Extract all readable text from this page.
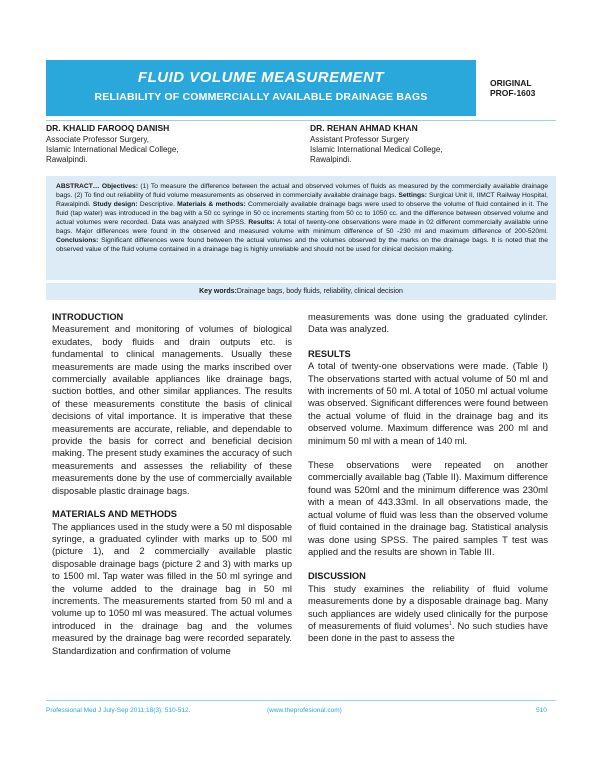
FLUID VOLUME MEASUREMENT
RELIABILITY OF COMMERCIALLY AVAILABLE DRAINAGE BAGS
ORIGINAL
PROF-1603
DR. KHALID FAROOQ DANISH
Associate Professor Surgery,
Islamic International Medical College,
Rawalpindi.
DR. REHAN AHMAD KHAN
Assistant Professor Surgery
Islamic International Medical College,
Rawalpindi.
ABSTRACT… Objectives: (1) To measure the difference between the actual and observed volumes of fluids as measured by the commercially available drainage bags. (2) To find out reliability of fluid volume measurements as observed in commercially available drainage bags. Settings: Surgical Unit II, IIMCT Railway Hospital, Rawalpindi. Study design: Descriptive. Materials & methods: Commercially available drainage bags were used to observe the volume of fluid contained in it. The fluid (tap water) was introduced in the bag with a 50 cc syringe in 50 cc increments starting from 50 cc to 1050 cc. and the difference between observed volume and actual volumes were recorded. Data was analyzed with SPSS. Results: A total of twenty-one observations were made in 02 different commercially available urine bags. Major differences were found in the observed and measured volume with minimum difference of 50 -230 ml and maximum difference of 200-520ml. Conclusions: Significant differences were found between the actual volumes and the volumes observed by the marks on the drainage bags. It is noted that the observed value of the fluid volume contained in a drainage bag is highly unreliable and should not be used for clinical decision making.
Key words:Drainage bags, body fluids, reliability, clinical decision

INTRODUCTION

Measurement and monitoring of volumes of biological exudates, body fluids and drain outputs etc. is fundamental to clinical managements. Usually these measurements are made using the marks inscribed over commercially available appliances like drainage bags, suction bottles, and other similar appliances. The results of these measurements constitute the basis of clinical decisions of vital importance. It is imperative that these measurements are accurate, reliable, and dependable to provide the basis for correct and beneficial decision making. The present study examines the accuracy of such measurements and assesses the reliability of these measurements done by the use of commercially available disposable plastic drainage bags.

MATERIALS AND METHODS

The appliances used in the study were a 50 ml disposable syringe, a graduated cylinder with marks up to 500 ml (picture 1), and 2 commercially available plastic disposable drainage bags (picture 2 and 3) with marks up to 1500 ml. Tap water was filled in the 50 ml syringe and the volume added to the drainage bag in 50 ml increments. The measurements started from 50 ml and a volume up to 1050 ml was measured. The actual volumes introduced in the drainage bag and the volumes measured by the drainage bag were recorded separately. Standardization and confirmation of volume

measurements was done using the graduated cylinder. Data was analyzed.

RESULTS

A total of twenty-one observations were made. (Table I) The observations started with actual volume of 50 ml and with increments of 50 ml. A total of 1050 ml actual volume was observed. Significant differences were found between the actual volume of fluid in the drainage bag and its observed volume. Maximum difference was 200 ml and minimum 50 ml with a mean of 140 ml.

These observations were repeated on another commercially available bag (Table II). Maximum difference found was 520ml and the minimum difference was 230ml with a mean of 443.33ml. In all observations made, the actual volume of fluid was less than the observed volume of fluid contained in the drainage bag. Statistical analysis was done using SPSS. The paired samples T test was applied and the results are shown in Table III.

DISCUSSION

This study examines the reliability of fluid volume measurements done by a disposable drainage bag. Many such appliances are widely used clinically for the purpose of measurements of fluid volumes$^1$. No such studies have been done in the past to assess the

Professional Med J July-Sep 2011;18(3): 510-512.	(www.theprofesional.com)	510
